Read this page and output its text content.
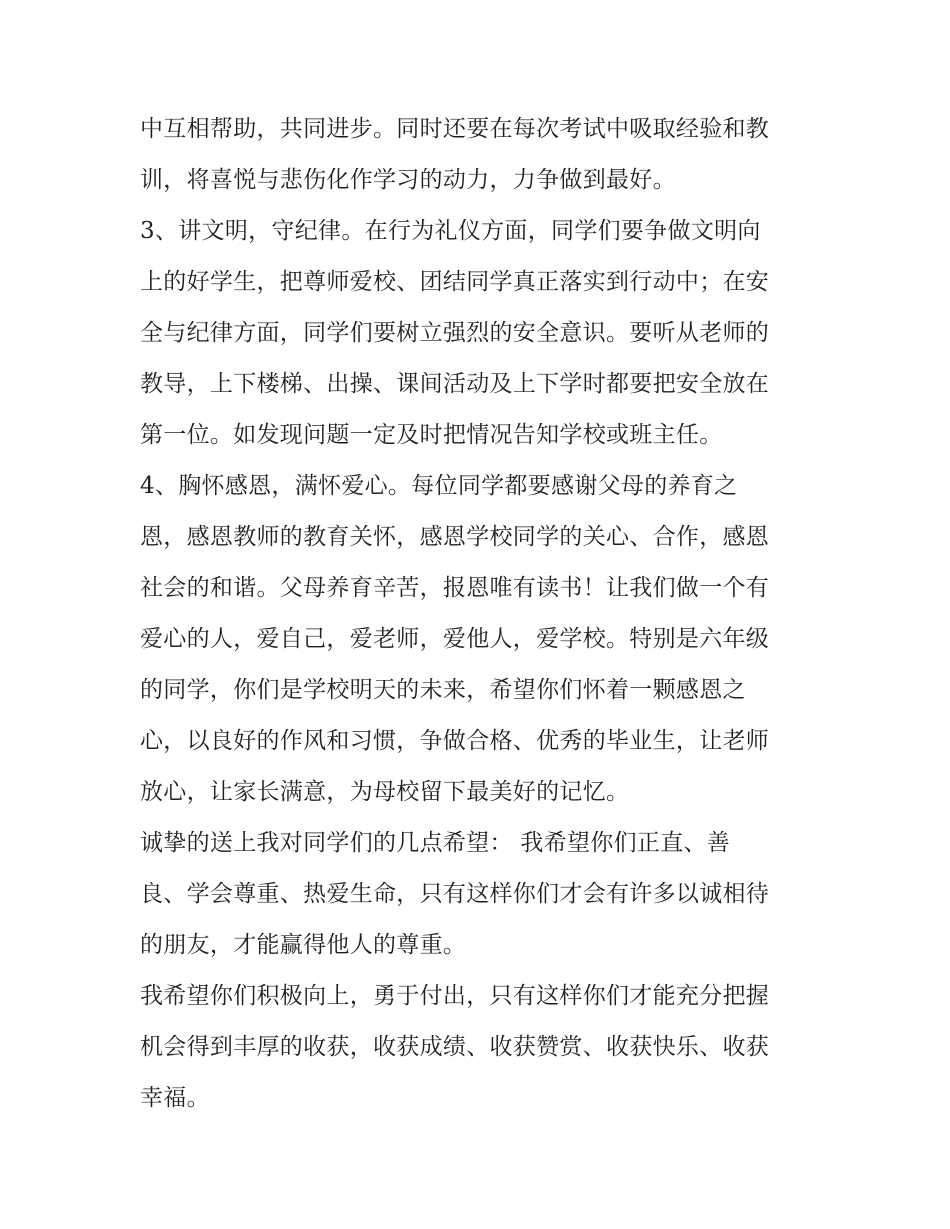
中互相帮助，共同进步。同时还要在每次考试中吸取经验和教
训，将喜悦与悲伤化作学习的动力，力争做到最好。
3、讲文明，守纪律。在行为礼仪方面，同学们要争做文明向
上的好学生，把尊师爱校、团结同学真正落实到行动中；在安
全与纪律方面，同学们要树立强烈的安全意识。要听从老师的
教导，上下楼梯、出操、课间活动及上下学时都要把安全放在
第一位。如发现问题一定及时把情况告知学校或班主任。
4、胸怀感恩，满怀爱心。每位同学都要感谢父母的养育之
恩，感恩教师的教育关怀，感恩学校同学的关心、合作，感恩
社会的和谐。父母养育辛苦，报恩唯有读书！让我们做一个有
爱心的人，爱自己，爱老师，爱他人，爱学校。特别是六年级
的同学，你们是学校明天的未来，希望你们怀着一颗感恩之
心，以良好的作风和习惯，争做合格、优秀的毕业生，让老师
放心，让家长满意，为母校留下最美好的记忆。
诚挚的送上我对同学们的几点希望： 我希望你们正直、善
良、学会尊重、热爱生命，只有这样你们才会有许多以诚相待
的朋友，才能赢得他人的尊重。
我希望你们积极向上，勇于付出，只有这样你们才能充分把握
机会得到丰厚的收获，收获成绩、收获赞赏、收获快乐、收获
幸福。
